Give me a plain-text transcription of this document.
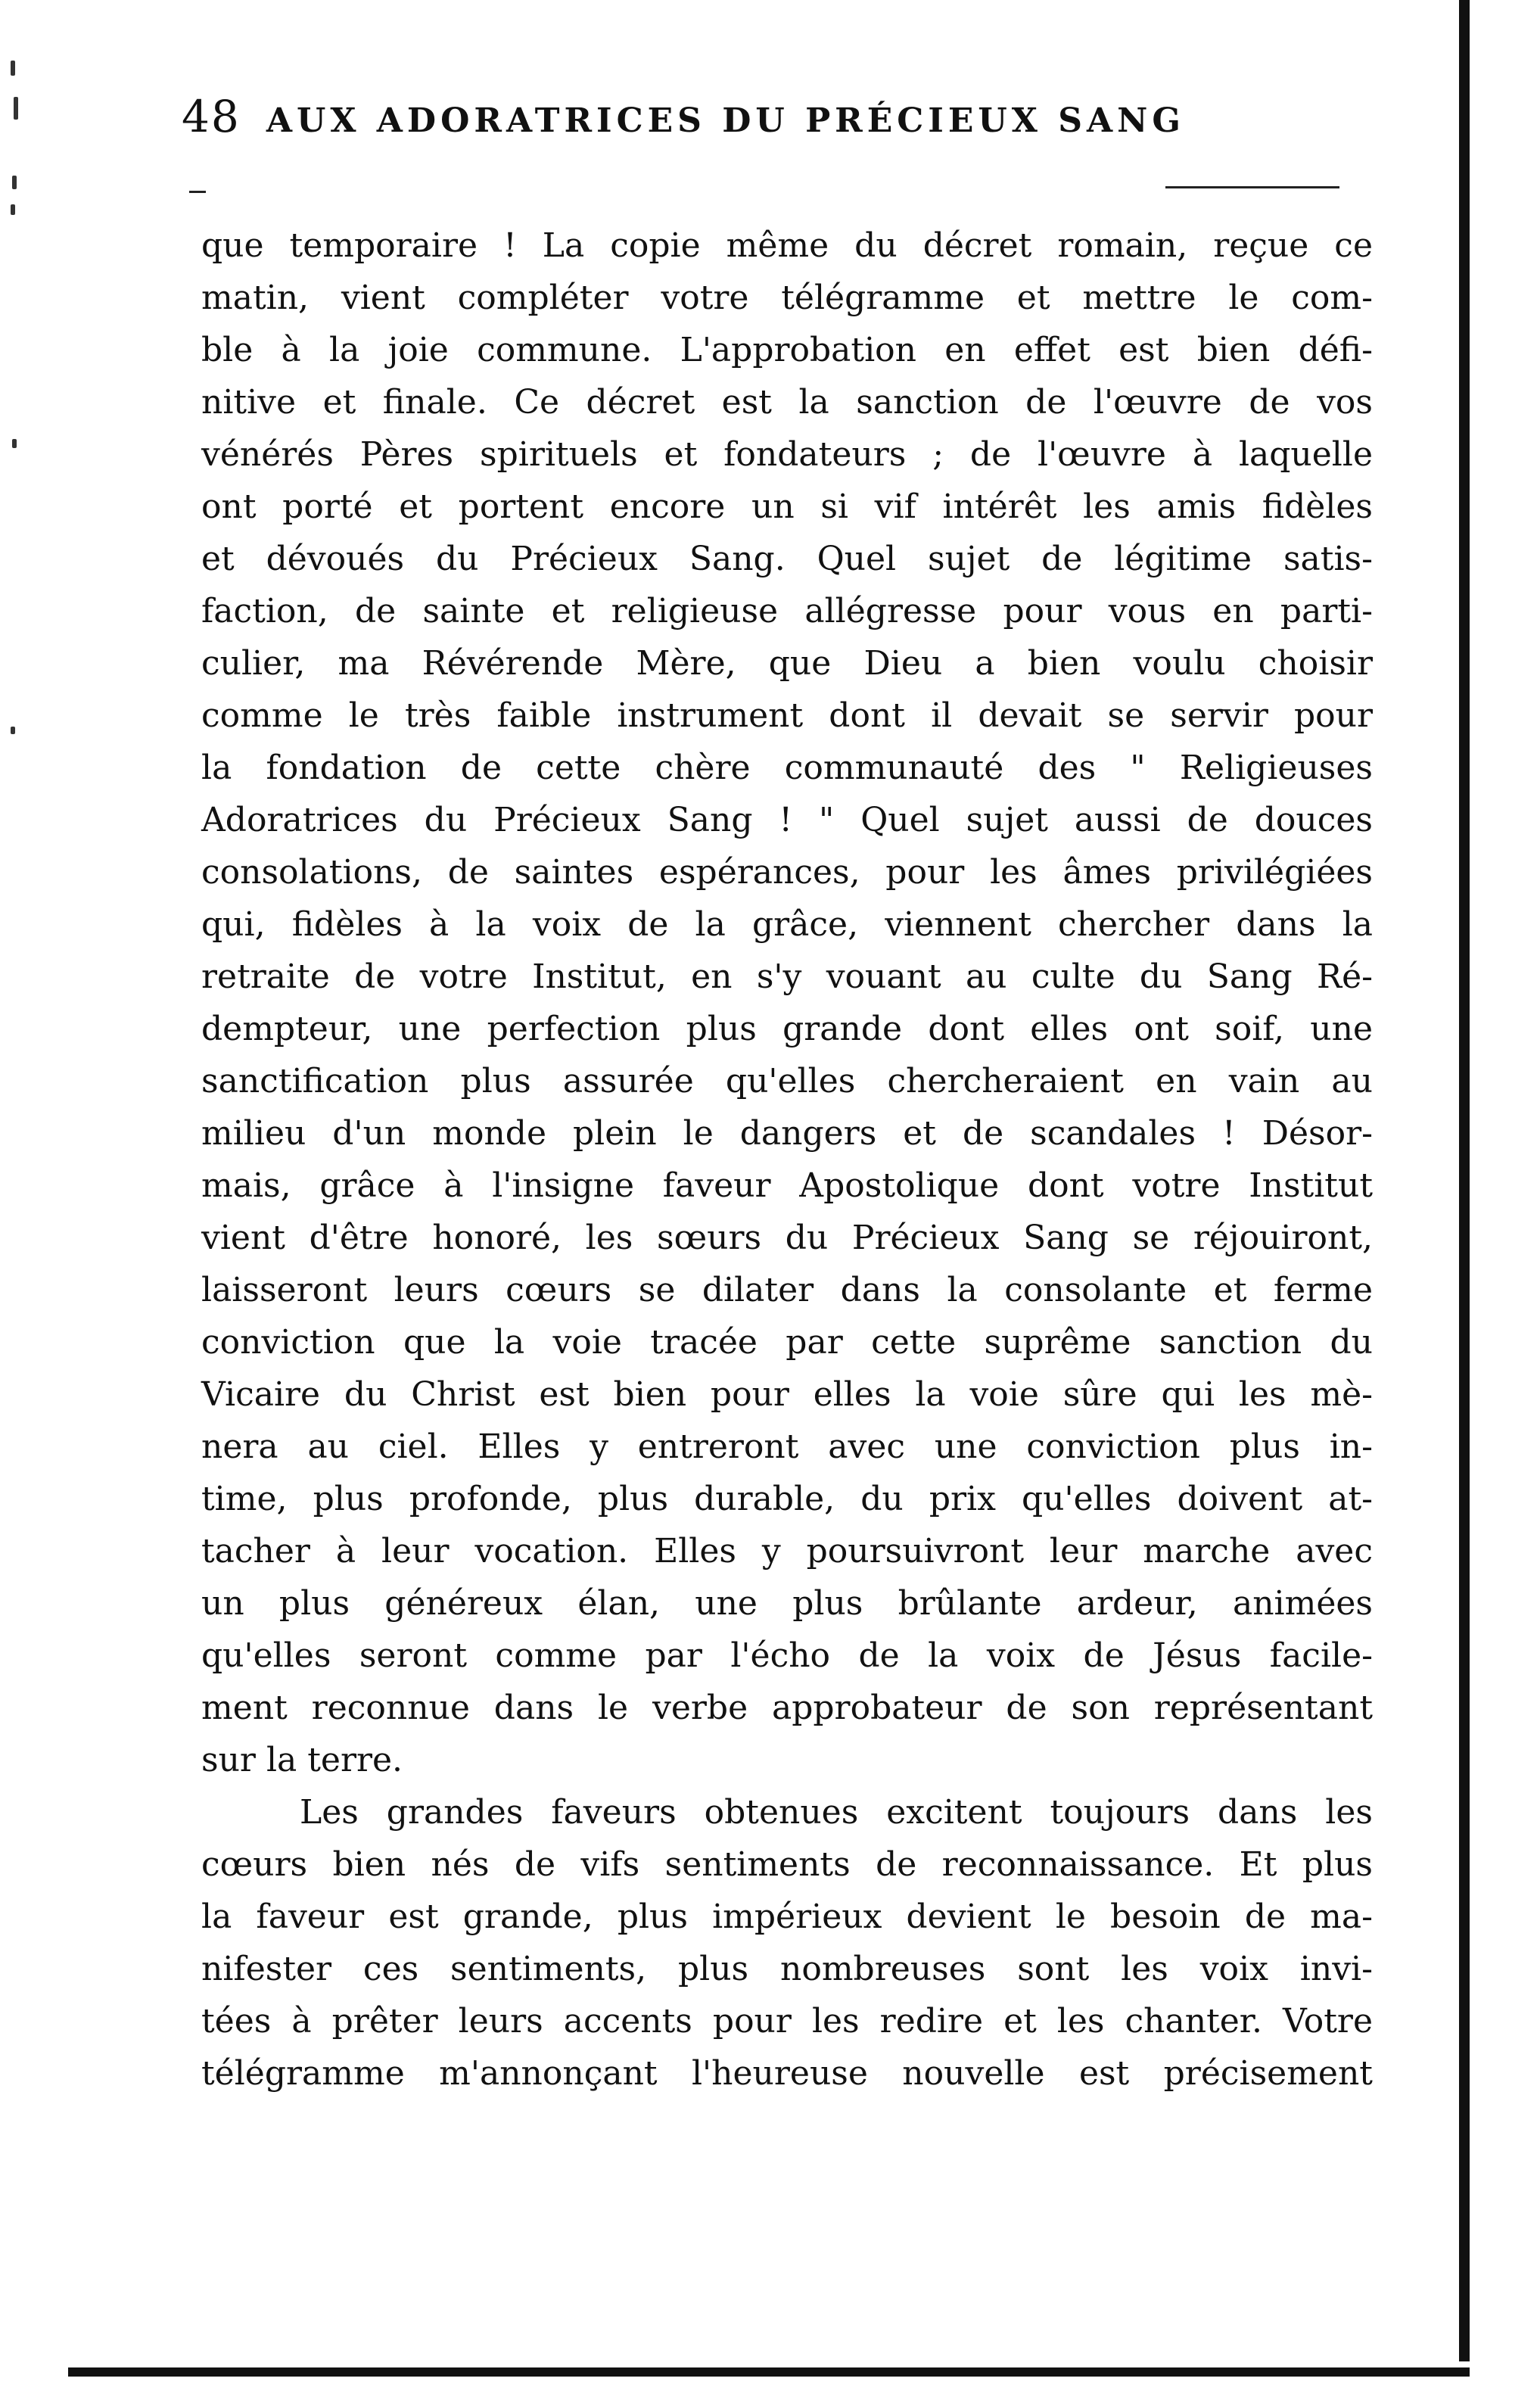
48 AUX ADORATRICES DU PRÉCIEUX SANG
que temporaire ! La copie même du décret romain, reçue ce
matin, vient compléter votre télégramme et mettre le com-
ble à la joie commune. L'approbation en effet est bien défi-
nitive et finale. Ce décret est la sanction de l'œuvre de vos
vénérés Pères spirituels et fondateurs ; de l'œuvre à laquelle
ont porté et portent encore un si vif intérêt les amis fidèles
et dévoués du Précieux Sang. Quel sujet de légitime satis-
faction, de sainte et religieuse allégresse pour vous en parti-
culier, ma Révérende Mère, que Dieu a bien voulu choisir
comme le très faible instrument dont il devait se servir pour
la fondation de cette chère communauté des " Religieuses
Adoratrices du Précieux Sang ! " Quel sujet aussi de douces
consolations, de saintes espérances, pour les âmes privilégiées
qui, fidèles à la voix de la grâce, viennent chercher dans la
retraite de votre Institut, en s'y vouant au culte du Sang Ré-
dempteur, une perfection plus grande dont elles ont soif, une
sanctification plus assurée qu'elles chercheraient en vain au
milieu d'un monde plein le dangers et de scandales ! Désor-
mais, grâce à l'insigne faveur Apostolique dont votre Institut
vient d'être honoré, les sœurs du Précieux Sang se réjouiront,
laisseront leurs cœurs se dilater dans la consolante et ferme
conviction que la voie tracée par cette suprême sanction du
Vicaire du Christ est bien pour elles la voie sûre qui les mè-
nera au ciel. Elles y entreront avec une conviction plus in-
time, plus profonde, plus durable, du prix qu'elles doivent at-
tacher à leur vocation. Elles y poursuivront leur marche avec
un plus généreux élan, une plus brûlante ardeur, animées
qu'elles seront comme par l'écho de la voix de Jésus facile-
ment reconnue dans le verbe approbateur de son représentant
sur la terre.
Les grandes faveurs obtenues excitent toujours dans les
cœurs bien nés de vifs sentiments de reconnaissance. Et plus
la faveur est grande, plus impérieux devient le besoin de ma-
nifester ces sentiments, plus nombreuses sont les voix invi-
tées à prêter leurs accents pour les redire et les chanter. Votre
télégramme m'annonçant l'heureuse nouvelle est précisement
